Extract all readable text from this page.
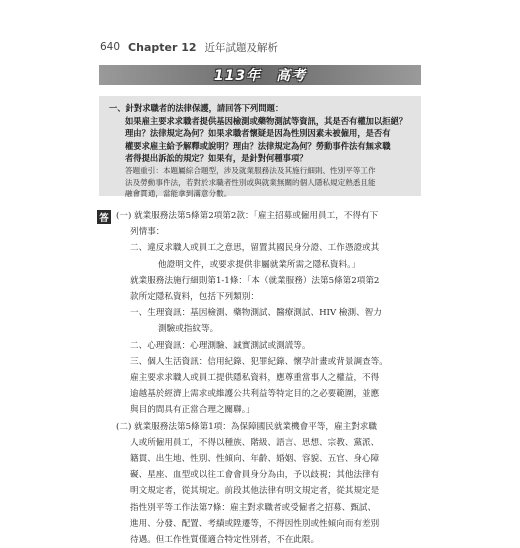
640 Chapter 12 近年試題及解析
113年　高考
一、針對求職者的法律保護，請回答下列問題：
如果雇主要求求職者提供基因檢測或藥物測試等資訊，其是否有權加以拒絕？
理由？法律規定為何？如果求職者懷疑是因為性別因素未被僱用，是否有
權要求雇主給予解釋或說明？理由？法律規定為何？勞動事件法有無求職
者得提出訴訟的規定？如果有，是針對何種事項？
答題重引：本題屬綜合題型，涉及就業服務法及其施行細則、性別平等工作
法及勞動事件法，若對於求職者性別或與就業無關的個人隱私規定熟悉且能
融會貫通，當能拿到滿意分數。
答 (一) 就業服務法第5條第2項第2款：「雇主招募或僱用員工，不得有下
列情事：
二、違反求職人或員工之意思，留置其國民身分證、工作憑證或其
他證明文件，或要求提供非屬就業所需之隱私資料。」
就業服務法施行細則第1-1條：「本（就業服務）法第5條第2項第2
款所定隱私資料，包括下列類別：
一、生理資訊：基因檢測、藥物測試、醫療測試、HIV 檢測、智力
測驗或指紋等。
二、心理資訊：心理測驗、誠實測試或測謊等。
三、個人生活資訊：信用紀錄、犯罪紀錄、懷孕計畫或背景調查等。
雇主要求求職人或員工提供隱私資料，應尊重當事人之權益，不得
逾越基於經濟上需求或維護公共利益等特定目的之必要範圍，並應
與目的間具有正當合理之關聯。」
(二) 就業服務法第5條第1項：為保障國民就業機會平等，雇主對求職
人或所僱用員工，不得以種族、階級、語言、思想、宗教、黨派、
籍貫、出生地、性別、性傾向、年齡、婚姻、容貌、五官、身心障
礙、星座、血型或以往工會會員身分為由，予以歧視；其他法律有
明文規定者，從其規定。前段其他法律有明文規定者，從其規定是
指性別平等工作法第7條：雇主對求職者或受僱者之招募、甄試、
進用、分發、配置、考績或陞遷等，不得因性別或性傾向而有差別
待遇。但工作性質僅適合特定性別者，不在此限。
